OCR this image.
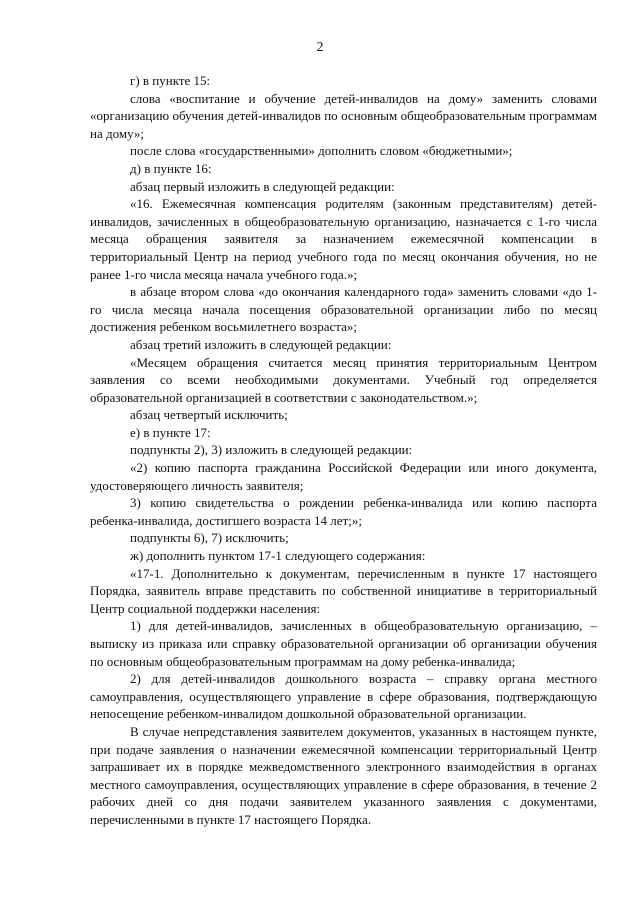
2

г) в пункте 15:

слова «воспитание и обучение детей-инвалидов на дому» заменить словами «организацию обучения детей-инвалидов по основным общеобразовательным программам на дому»;

после слова «государственными» дополнить словом «бюджетными»;

д) в пункте 16:

абзац первый изложить в следующей редакции:

«16. Ежемесячная компенсация родителям (законным представителям) детей-инвалидов, зачисленных в общеобразовательную организацию, назначается с 1-го числа месяца обращения заявителя за назначением ежемесячной компенсации в территориальный Центр на период учебного года по месяц окончания обучения, но не ранее 1-го числа месяца начала учебного года.»;

в абзаце втором слова «до окончания календарного года» заменить словами «до 1-го числа месяца начала посещения образовательной организации либо по месяц достижения ребенком восьмилетнего возраста»;

абзац третий изложить в следующей редакции:

«Месяцем обращения считается месяц принятия территориальным Центром заявления со всеми необходимыми документами. Учебный год определяется образовательной организацией в соответствии с законодательством.»;

абзац четвертый исключить;

е) в пункте 17:

подпункты 2), 3) изложить в следующей редакции:

«2) копию паспорта гражданина Российской Федерации или иного документа, удостоверяющего личность заявителя;

3) копию свидетельства о рождении ребенка-инвалида или копию паспорта ребенка-инвалида, достигшего возраста 14 лет;»;

подпункты 6), 7) исключить;

ж) дополнить пунктом 17-1 следующего содержания:

«17-1. Дополнительно к документам, перечисленным в пункте 17 настоящего Порядка, заявитель вправе представить по собственной инициативе в территориальный Центр социальной поддержки населения:

1) для детей-инвалидов, зачисленных в общеобразовательную организацию, – выписку из приказа или справку образовательной организации об организации обучения по основным общеобразовательным программам на дому ребенка-инвалида;

2) для детей-инвалидов дошкольного возраста – справку органа местного самоуправления, осуществляющего управление в сфере образования, подтверждающую непосещение ребенком-инвалидом дошкольной образовательной организации.

В случае непредставления заявителем документов, указанных в настоящем пункте, при подаче заявления о назначении ежемесячной компенсации территориальный Центр запрашивает их в порядке межведомственного электронного взаимодействия в органах местного самоуправления, осуществляющих управление в сфере образования, в течение 2 рабочих дней со дня подачи заявителем указанного заявления с документами, перечисленными в пункте 17 настоящего Порядка.
